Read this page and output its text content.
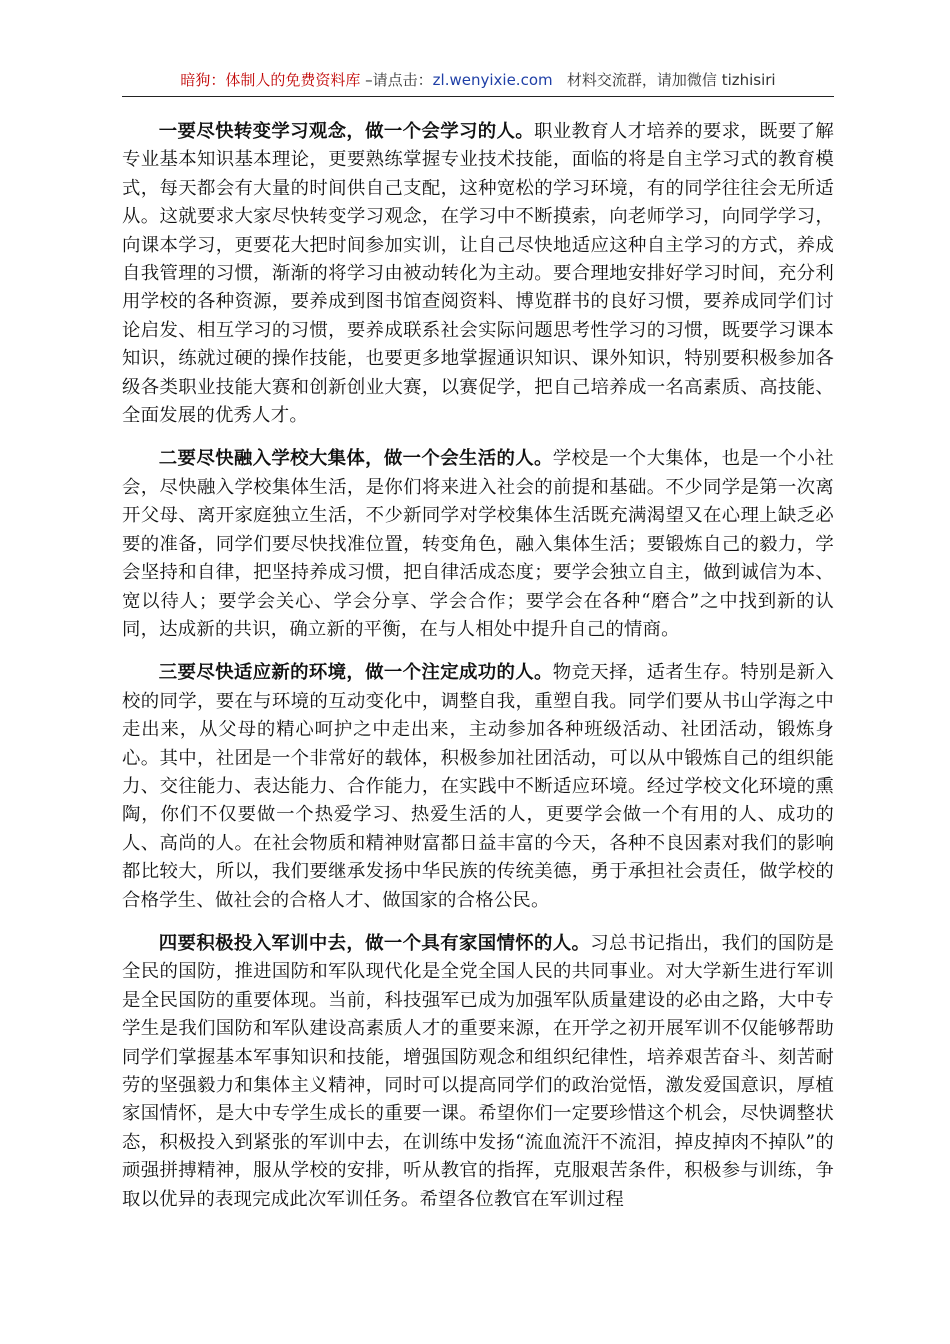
暗狗：体制人的免费资料库 –请点击：zl.wenyixie.com 材料交流群，请加微信 tizhisiri

一要尽快转变学习观念，做一个会学习的人。职业教育人才培养的要求，既要了解专业基本知识基本理论，更要熟练掌握专业技术技能，面临的将是自主学习式的教育模式，每天都会有大量的时间供自己支配，这种宽松的学习环境，有的同学往往会无所适从。这就要求大家尽快转变学习观念，在学习中不断摸索，向老师学习，向同学学习，向课本学习，更要花大把时间参加实训，让自己尽快地适应这种自主学习的方式，养成自我管理的习惯，渐渐的将学习由被动转化为主动。要合理地安排好学习时间，充分利用学校的各种资源，要养成到图书馆查阅资料、博览群书的良好习惯，要养成同学们讨论启发、相互学习的习惯，要养成联系社会实际问题思考性学习的习惯，既要学习课本知识，练就过硬的操作技能，也要更多地掌握通识知识、课外知识，特别要积极参加各级各类职业技能大赛和创新创业大赛，以赛促学，把自己培养成一名高素质、高技能、全面发展的优秀人才。

二要尽快融入学校大集体，做一个会生活的人。学校是一个大集体，也是一个小社会，尽快融入学校集体生活，是你们将来进入社会的前提和基础。不少同学是第一次离开父母、离开家庭独立生活，不少新同学对学校集体生活既充满渴望又在心理上缺乏必要的准备，同学们要尽快找准位置，转变角色，融入集体生活；要锻炼自己的毅力，学会坚持和自律，把坚持养成习惯，把自律活成态度；要学会独立自主，做到诚信为本、宽以待人；要学会关心、学会分享、学会合作；要学会在各种“磨合”之中找到新的认同，达成新的共识，确立新的平衡，在与人相处中提升自己的情商。

三要尽快适应新的环境，做一个注定成功的人。物竞天择，适者生存。特别是新入校的同学，要在与环境的互动变化中，调整自我，重塑自我。同学们要从书山学海之中走出来，从父母的精心呵护之中走出来，主动参加各种班级活动、社团活动，锻炼身心。其中，社团是一个非常好的载体，积极参加社团活动，可以从中锻炼自己的组织能力、交往能力、表达能力、合作能力，在实践中不断适应环境。经过学校文化环境的熏陶，你们不仅要做一个热爱学习、热爱生活的人，更要学会做一个有用的人、成功的人、高尚的人。在社会物质和精神财富都日益丰富的今天，各种不良因素对我们的影响都比较大，所以，我们要继承发扬中华民族的传统美德，勇于承担社会责任，做学校的合格学生、做社会的合格人才、做国家的合格公民。

四要积极投入军训中去，做一个具有家国情怀的人。习总书记指出，我们的国防是全民的国防，推进国防和军队现代化是全党全国人民的共同事业。对大学新生进行军训是全民国防的重要体现。当前，科技强军已成为加强军队质量建设的必由之路，大中专学生是我们国防和军队建设高素质人才的重要来源，在开学之初开展军训不仅能够帮助同学们掌握基本军事知识和技能，增强国防观念和组织纪律性，培养艰苦奋斗、刻苦耐劳的坚强毅力和集体主义精神，同时可以提高同学们的政治觉悟，激发爱国意识，厚植家国情怀，是大中专学生成长的重要一课。希望你们一定要珍惜这个机会，尽快调整状态，积极投入到紧张的军训中去，在训练中发扬“流血流汗不流泪，掉皮掉肉不掉队”的顽强拼搏精神，服从学校的安排，听从教官的指挥，克服艰苦条件，积极参与训练，争取以优异的表现完成此次军训任务。希望各位教官在军训过程
